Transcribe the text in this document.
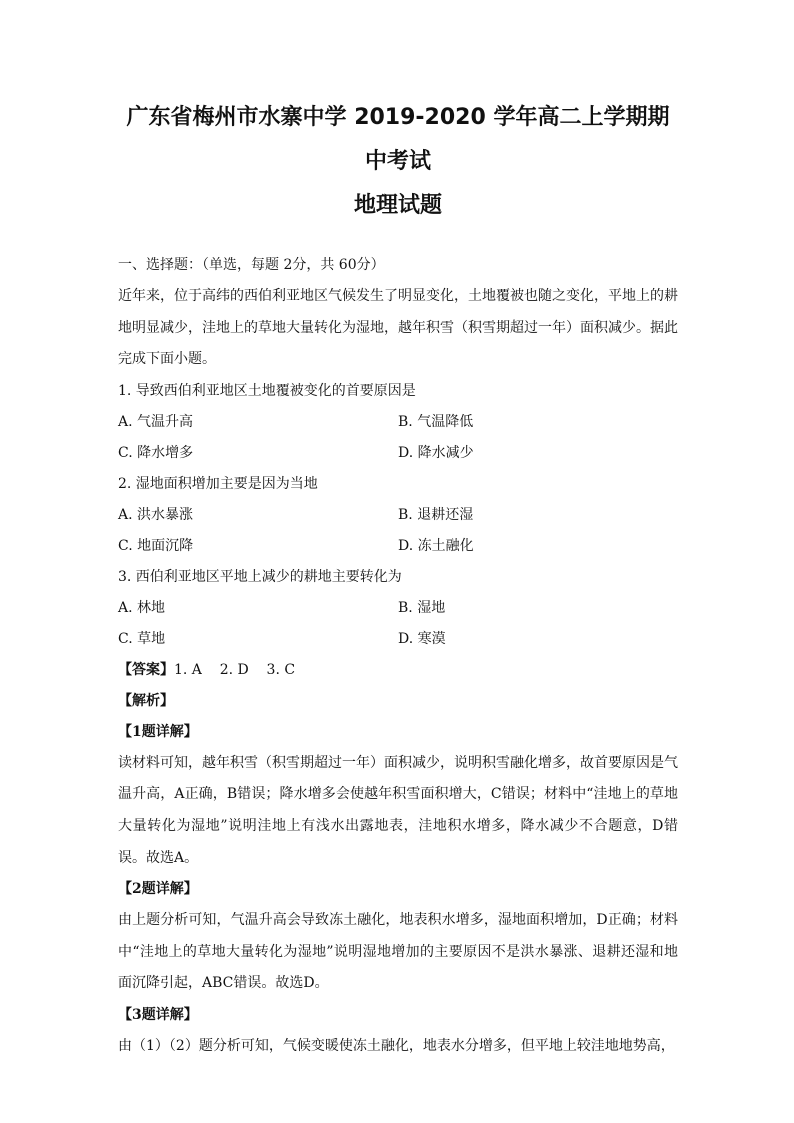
广东省梅州市水寨中学 2019-2020 学年高二上学期期中考试
地理试题

一、选择题：（单选，每题 2分，共 60分）

近年来，位于高纬的西伯利亚地区气候发生了明显变化，土地覆被也随之变化，平地上的耕地明显减少，洼地上的草地大量转化为湿地，越年积雪（积雪期超过一年）面积减少。据此完成下面小题。

1. 导致西伯利亚地区土地覆被变化的首要原因是

A. 气温升高	B. 气温降低
C. 降水增多	D. 降水减少

2. 湿地面积增加主要是因为当地

A. 洪水暴涨	B. 退耕还湿
C. 地面沉降	D. 冻土融化

3. 西伯利亚地区平地上减少的耕地主要转化为

A. 林地	B. 湿地
C. 草地	D. 寒漠

【答案】1. A    2. D    3. C

【解析】

【1题详解】

读材料可知，越年积雪（积雪期超过一年）面积减少，说明积雪融化增多，故首要原因是气温升高，A正确，B错误；降水增多会使越年积雪面积增大，C错误；材料中“洼地上的草地大量转化为湿地”说明洼地上有浅水出露地表，洼地积水增多，降水减少不合题意，D错误。故选A。

【2题详解】

由上题分析可知，气温升高会导致冻土融化，地表积水增多，湿地面积增加，D正确；材料中“洼地上的草地大量转化为湿地”说明湿地增加的主要原因不是洪水暴涨、退耕还湿和地面沉降引起，ABC错误。故选D。

【3题详解】

由（1）（2）题分析可知，气候变暖使冻土融化，地表水分增多，但平地上较洼地地势高，
